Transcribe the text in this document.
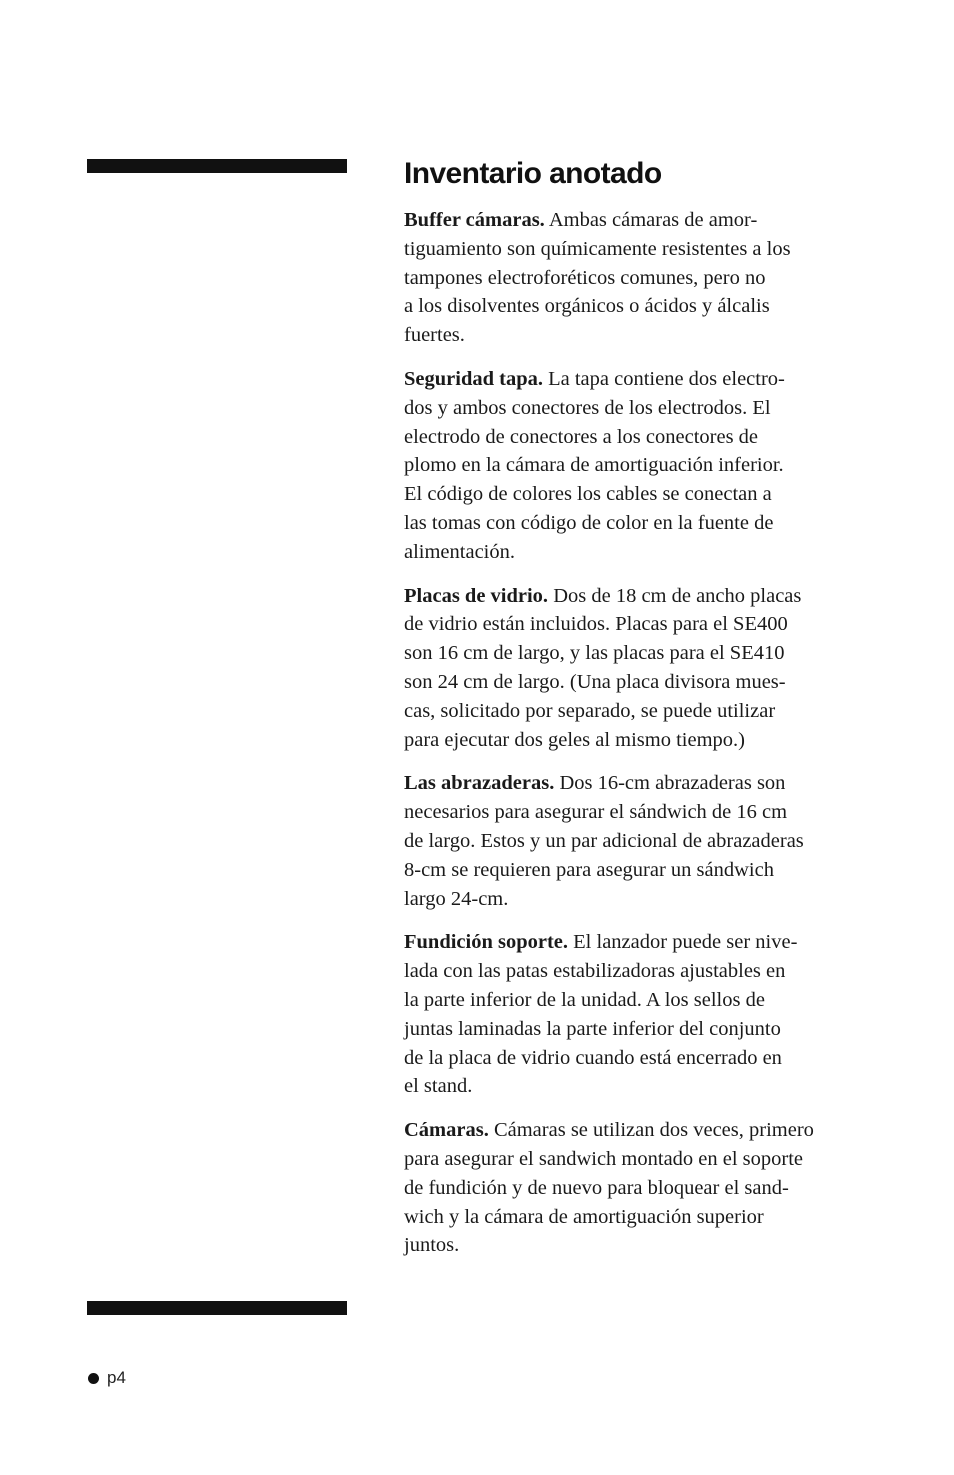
Inventario anotado

Buffer cámaras. Ambas cámaras de amor-
tiguamiento son químicamente resistentes a los
tampones electroforéticos comunes, pero no
a los disolventes orgánicos o ácidos y álcalis
fuertes.

Seguridad tapa. La tapa contiene dos electro-
dos y ambos conectores de los electrodos. El
electrodo de conectores a los conectores de
plomo en la cámara de amortiguación inferior.
El código de colores los cables se conectan a
las tomas con código de color en la fuente de
alimentación.

Placas de vidrio. Dos de 18 cm de ancho placas
de vidrio están incluidos. Placas para el SE400
son 16 cm de largo, y las placas para el SE410
son 24 cm de largo. (Una placa divisora mues-
cas, solicitado por separado, se puede utilizar
para ejecutar dos geles al mismo tiempo.)

Las abrazaderas. Dos 16-cm abrazaderas son
necesarios para asegurar el sándwich de 16 cm
de largo. Estos y un par adicional de abrazaderas
8-cm se requieren para asegurar un sándwich
largo 24-cm.

Fundición soporte. El lanzador puede ser nive-
lada con las patas estabilizadoras ajustables en
la parte inferior de la unidad. A los sellos de
juntas laminadas la parte inferior del conjunto
de la placa de vidrio cuando está encerrado en
el stand.

Cámaras. Cámaras se utilizan dos veces, primero
para asegurar el sandwich montado en el soporte
de fundición y de nuevo para bloquear el sand-
wich y la cámara de amortiguación superior
juntos.

p4
